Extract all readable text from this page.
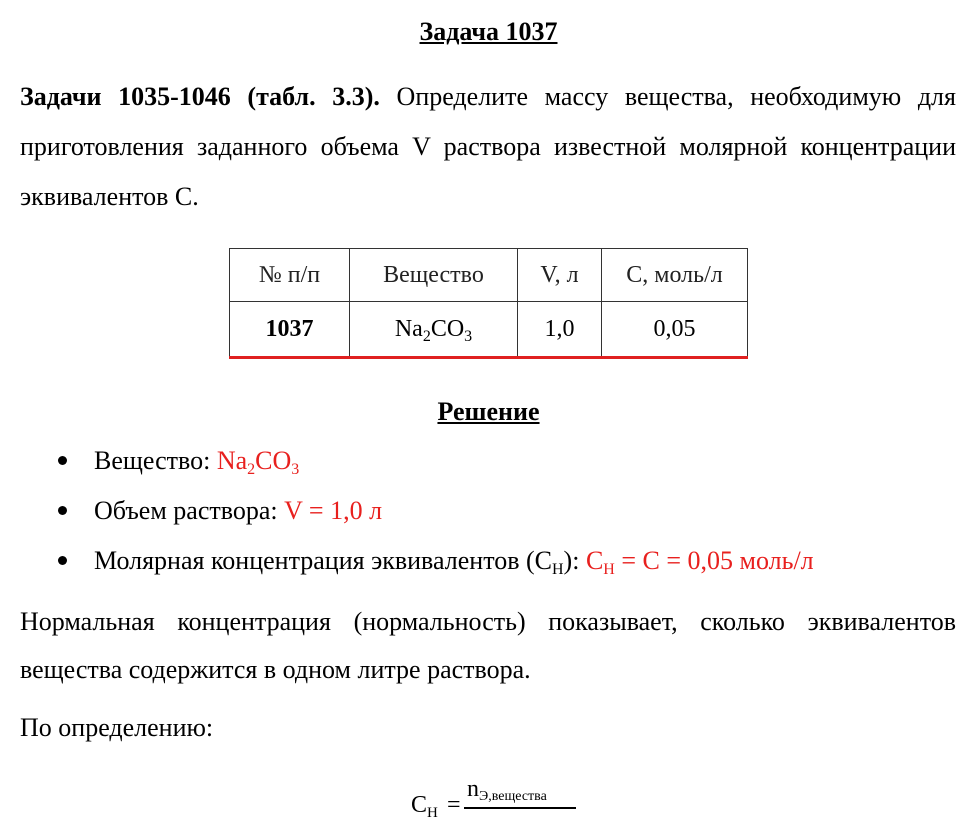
Задача 1037
Задачи 1035-1046 (табл. 3.3). Определите массу вещества, необходимую для приготовления заданного объема V раствора известной молярной концентрации эквивалентов С.
№ п/п	Вещество	V, л	С, моль/л
1037	$Na_2CO_3$	1,0	0,05
Решение
Вещество: $Na_2CO_3$
Объем раствора: V = 1,0 л
Молярная концентрация эквивалентов $(С_Н)$: $С_Н = С = 0,05$ моль/л
Нормальная концентрация (нормальность) показывает, сколько эквивалентов вещества содержится в одном литре раствора.
По определению:
$С_Н$ =
$n_{Э,вещества}$
